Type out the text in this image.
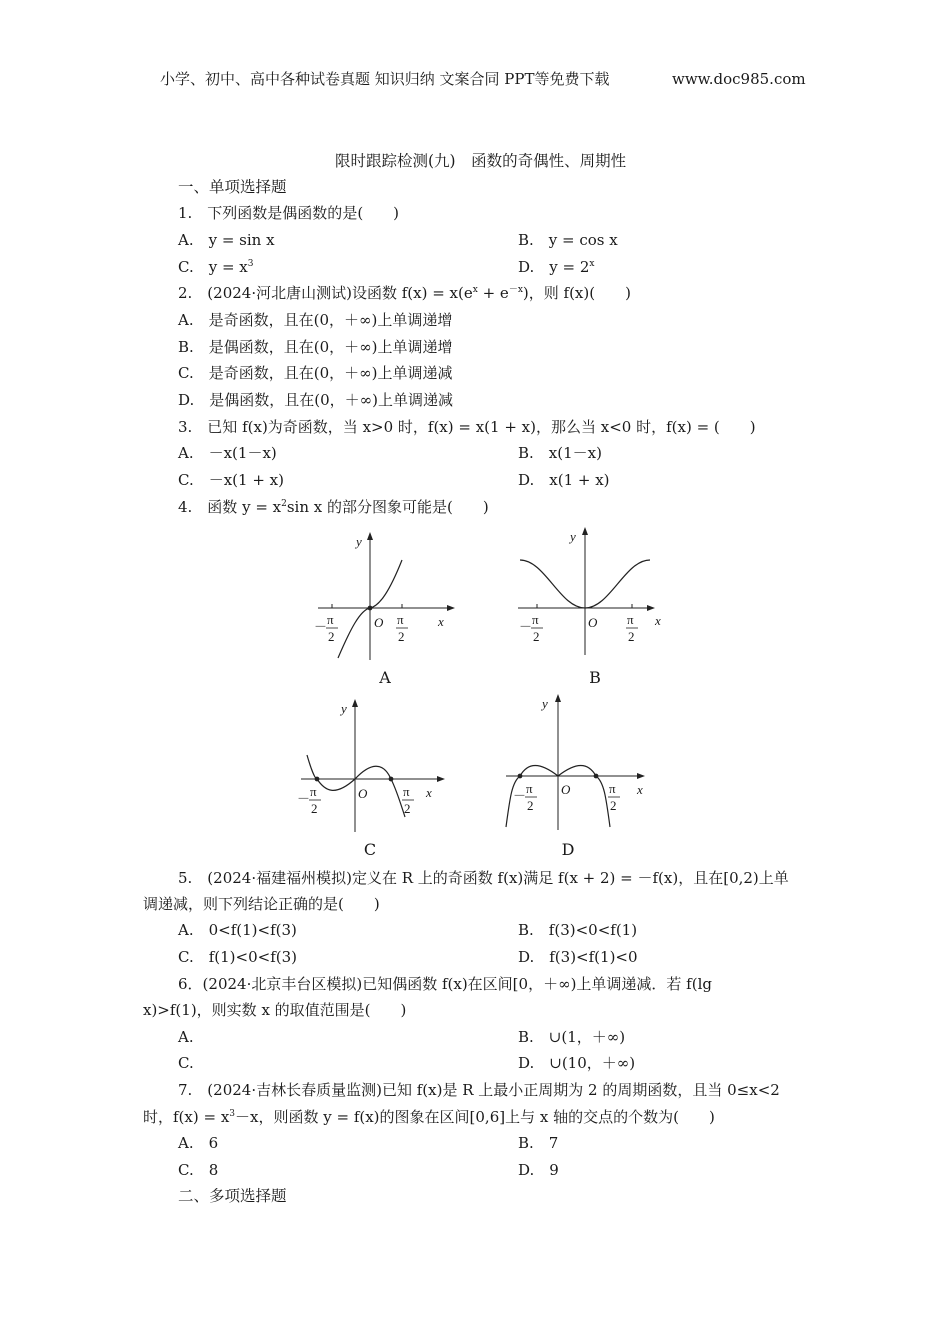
小学、初中、高中各种试卷真题 知识归纳 文案合同 PPT等免费下载	www.doc985.com
限时跟踪检测(九)　函数的奇偶性、周期性
一、单项选择题
1.　下列函数是偶函数的是(　　)
A.　y = sin x	B.　y = cos x
C.　$y = x^3$	D.　$y = 2^x$
2.　(2024·河北唐山测试)设函数 $f(x) = x(e^x + e^{-x})$，则 f(x)(　　)
A.　是奇函数，且在(0，＋∞)上单调递增
B.　是偶函数，且在(0，＋∞)上单调递增
C.　是奇函数，且在(0，＋∞)上单调递减
D.　是偶函数，且在(0，＋∞)上单调递减
3.　已知 f(x)为奇函数，当 x>0 时，f(x) = x(1 + x)，那么当 x<0 时，f(x) = (　　)
A.　－x(1－x)	B.　x(1－x)
C.　－x(1 + x)	D.　x(1 + x)
4.　函数 $y = x^2\sin$ x 的部分图象可能是(　　)
y
x
O
－ π
2
π
2
A
y
x
O
－ π
2
π
2
B
y
x
O
－ π
2
π
2
C
y
x
O
－ π
2
π
2
D
5.　(2024·福建福州模拟)定义在 R 上的奇函数 f(x)满足 f(x + 2) = －f(x)，且在[0,2)上单
调递减，则下列结论正确的是(　　)
A.　0<f(1)<f(3)	B.　f(3)<0<f(1)
C.　f(1)<0<f(3)	D.　f(3)<f(1)<0
6．(2024·北京丰台区模拟)已知偶函数 f(x)在区间[0，＋∞)上单调递减．若 f(lg
x)>f(1)，则实数 x 的取值范围是(　　)
A.	B.　∪(1，＋∞)
C.	D.　∪(10，＋∞)
7.　(2024·吉林长春质量监测)已知 f(x)是 R 上最小正周期为 2 的周期函数，且当 0≤x<2
时，$f(x) = x^3-x$，则函数 y = f(x)的图象在区间[0,6]上与 x 轴的交点的个数为(　　)
A.　6	B.　7
C.　8	D.　9
二、多项选择题
